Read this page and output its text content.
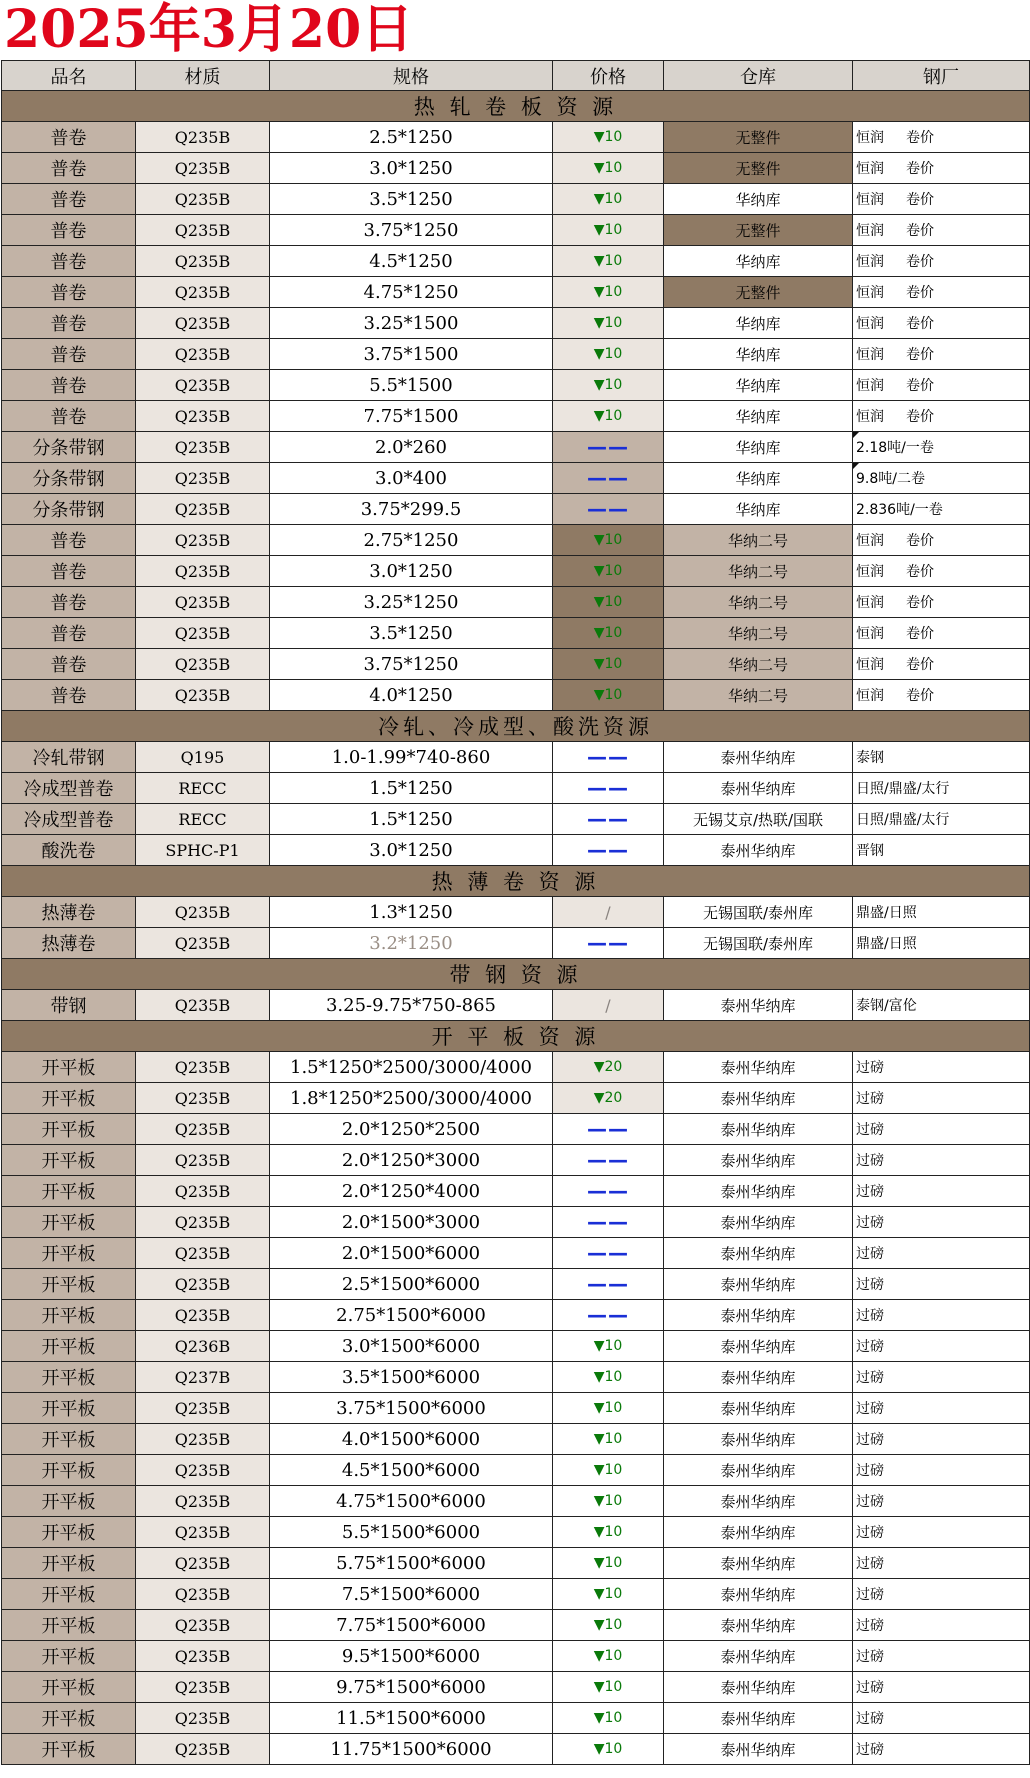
2025年3月20日
品名	材质	规格	价格	仓库	钢厂
热 轧 卷 板 资 源					
普卷	Q235B	2.5*1250	▼10	无整件	恒润 卷价
普卷	Q235B	3.0*1250	▼10	无整件	恒润 卷价
普卷	Q235B	3.5*1250	▼10	华纳库	恒润 卷价
普卷	Q235B	3.75*1250	▼10	无整件	恒润 卷价
普卷	Q235B	4.5*1250	▼10	华纳库	恒润 卷价
普卷	Q235B	4.75*1250	▼10	无整件	恒润 卷价
普卷	Q235B	3.25*1500	▼10	华纳库	恒润 卷价
普卷	Q235B	3.75*1500	▼10	华纳库	恒润 卷价
普卷	Q235B	5.5*1500	▼10	华纳库	恒润 卷价
普卷	Q235B	7.75*1500	▼10	华纳库	恒润 卷价
分条带钢	Q235B	2.0*260	——	华纳库	2.18吨/一卷
分条带钢	Q235B	3.0*400	——	华纳库	9.8吨/二卷
分条带钢	Q235B	3.75*299.5	——	华纳库	2.836吨/一卷
普卷	Q235B	2.75*1250	▼10	华纳二号	恒润 卷价
普卷	Q235B	3.0*1250	▼10	华纳二号	恒润 卷价
普卷	Q235B	3.25*1250	▼10	华纳二号	恒润 卷价
普卷	Q235B	3.5*1250	▼10	华纳二号	恒润 卷价
普卷	Q235B	3.75*1250	▼10	华纳二号	恒润 卷价
普卷	Q235B	4.0*1250	▼10	华纳二号	恒润 卷价
冷轧、冷成型、酸洗资源					
冷轧带钢	Q195	1.0-1.99*740-860	——	泰州华纳库	泰钢
冷成型普卷	RECC	1.5*1250	——	泰州华纳库	日照/鼎盛/太行
冷成型普卷	RECC	1.5*1250	——	无锡艾京/热联/国联	日照/鼎盛/太行
酸洗卷	SPHC-P1	3.0*1250	——	泰州华纳库	晋钢
热 薄 卷 资 源					
热薄卷	Q235B	1.3*1250	/	无锡国联/泰州库	鼎盛/日照
热薄卷	Q235B	3.2*1250	——	无锡国联/泰州库	鼎盛/日照
带 钢 资 源					
带钢	Q235B	3.25-9.75*750-865	/	泰州华纳库	泰钢/富伦
开 平 板 资 源					
开平板	Q235B	1.5*1250*2500/3000/4000	▼20	泰州华纳库	过磅
开平板	Q235B	1.8*1250*2500/3000/4000	▼20	泰州华纳库	过磅
开平板	Q235B	2.0*1250*2500	——	泰州华纳库	过磅
开平板	Q235B	2.0*1250*3000	——	泰州华纳库	过磅
开平板	Q235B	2.0*1250*4000	——	泰州华纳库	过磅
开平板	Q235B	2.0*1500*3000	——	泰州华纳库	过磅
开平板	Q235B	2.0*1500*6000	——	泰州华纳库	过磅
开平板	Q235B	2.5*1500*6000	——	泰州华纳库	过磅
开平板	Q235B	2.75*1500*6000	——	泰州华纳库	过磅
开平板	Q236B	3.0*1500*6000	▼10	泰州华纳库	过磅
开平板	Q237B	3.5*1500*6000	▼10	泰州华纳库	过磅
开平板	Q235B	3.75*1500*6000	▼10	泰州华纳库	过磅
开平板	Q235B	4.0*1500*6000	▼10	泰州华纳库	过磅
开平板	Q235B	4.5*1500*6000	▼10	泰州华纳库	过磅
开平板	Q235B	4.75*1500*6000	▼10	泰州华纳库	过磅
开平板	Q235B	5.5*1500*6000	▼10	泰州华纳库	过磅
开平板	Q235B	5.75*1500*6000	▼10	泰州华纳库	过磅
开平板	Q235B	7.5*1500*6000	▼10	泰州华纳库	过磅
开平板	Q235B	7.75*1500*6000	▼10	泰州华纳库	过磅
开平板	Q235B	9.5*1500*6000	▼10	泰州华纳库	过磅
开平板	Q235B	9.75*1500*6000	▼10	泰州华纳库	过磅
开平板	Q235B	11.5*1500*6000	▼10	泰州华纳库	过磅
开平板	Q235B	11.75*1500*6000	▼10	泰州华纳库	过磅
